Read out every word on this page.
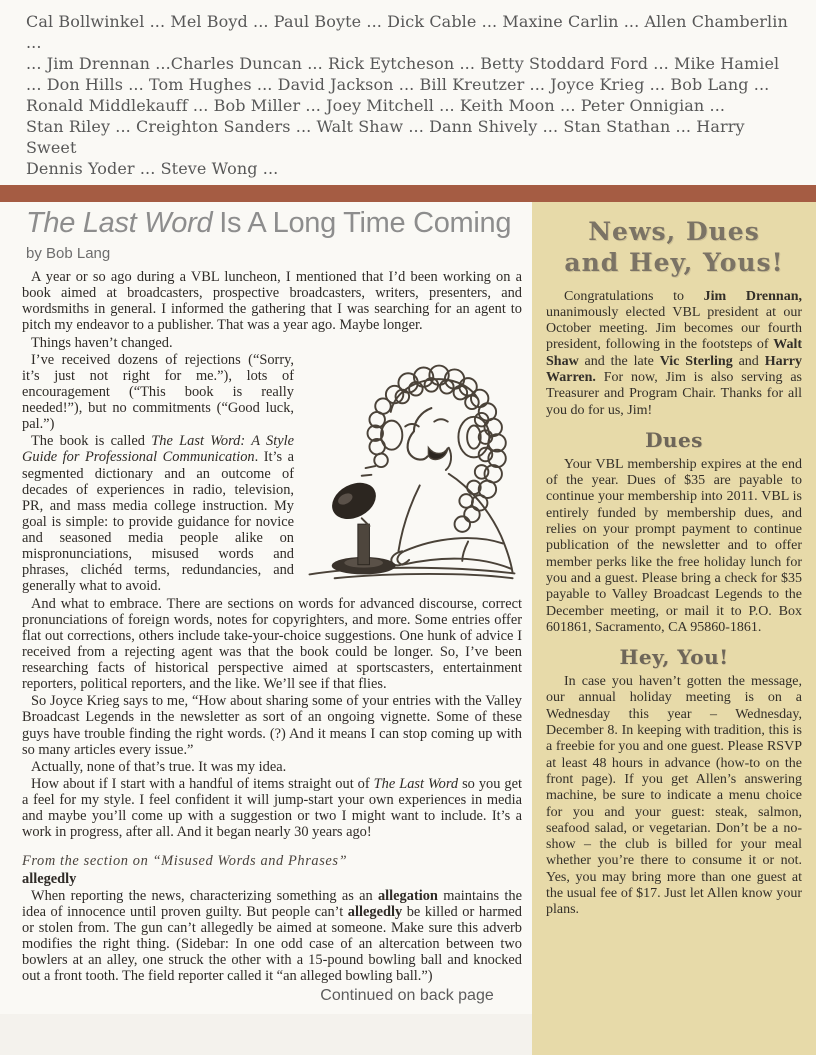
Cal Bollwinkel ... Mel Boyd ... Paul Boyte ... Dick Cable ... Maxine Carlin ... Allen Chamberlin ...
... Jim Drennan ...Charles Duncan ... Rick Eytcheson ... Betty Stoddard Ford ... Mike Hamiel
... Don Hills ... Tom Hughes ... David Jackson ... Bill Kreutzer ... Joyce Krieg ... Bob Lang ...
Ronald Middlekauff ... Bob Miller ... Joey Mitchell ... Keith Moon ... Peter Onnigian ...
Stan Riley ... Creighton Sanders ... Walt Shaw ... Dann Shively ... Stan Stathan ... Harry Sweet
Dennis Yoder ... Steve Wong ...
The Last Word Is A Long Time Coming
by Bob Lang

A year or so ago during a VBL luncheon, I mentioned that I’d been working on a book aimed at broadcasters, prospective broadcasters, writers, presenters, and wordsmiths in general. I informed the gathering that I was searching for an agent to pitch my endeavor to a publisher. That was a year ago. Maybe longer.

Things haven’t changed.

I’ve received dozens of rejections (“Sorry, it’s just not right for me.”), lots of encouragement (“This book is really needed!”), but no commitments (“Good luck, pal.”)

The book is called The Last Word: A Style Guide for Professional Communication. It’s a segmented dictionary and an outcome of decades of experiences in radio, television, PR, and mass media college instruction. My goal is simple: to provide guidance for novice and seasoned media people alike on mispronunciations, misused words and phrases, clichéd terms, redundancies, and generally what to avoid.

And what to embrace. There are sections on words for advanced discourse, correct pronunciations of foreign words, notes for copyrighters, and more. Some entries offer flat out corrections, others include take-your-choice suggestions. One hunk of advice I received from a rejecting agent was that the book could be longer. So, I’ve been researching facts of historical perspective aimed at sportscasters, entertainment reporters, political reporters, and the like. We’ll see if that flies.

So Joyce Krieg says to me, “How about sharing some of your entries with the Valley Broadcast Legends in the newsletter as sort of an ongoing vignette. Some of these guys have trouble finding the right words. (?) And it means I can stop coming up with so many articles every issue.”

Actually, none of that’s true. It was my idea.

How about if I start with a handful of items straight out of The Last Word so you get a feel for my style. I feel confident it will jump-start your own experiences in media and maybe you’ll come up with a suggestion or two I might want to include. It’s a work in progress, after all. And it began nearly 30 years ago!

From the section on “Misused Words and Phrases”

allegedly

When reporting the news, characterizing something as an allegation maintains the idea of innocence until proven guilty. But people can’t allegedly be killed or harmed or stolen from. The gun can’t allegedly be aimed at someone. Make sure this adverb modifies the right thing. (Sidebar: In one odd case of an altercation between two bowlers at an alley, one struck the other with a 15-pound bowling ball and knocked out a front tooth. The field reporter called it “an alleged bowling ball.”)

Continued on back page
News, Dues
and Hey, Yous!

Congratulations to Jim Drennan, unanimously elected VBL president at our October meeting. Jim becomes our fourth president, following in the footsteps of Walt Shaw and the late Vic Sterling and Harry Warren. For now, Jim is also serving as Treasurer and Program Chair. Thanks for all you do for us, Jim!

Dues

Your VBL membership expires at the end of the year. Dues of $35 are payable to continue your membership into 2011. VBL is entirely funded by membership dues, and relies on your prompt payment to continue publication of the newsletter and to offer member perks like the free holiday lunch for you and a guest. Please bring a check for $35 payable to Valley Broadcast Legends to the December meeting, or mail it to P.O. Box 601861, Sacramento, CA 95860-1861.

Hey, You!

In case you haven’t gotten the message, our annual holiday meeting is on a Wednesday this year – Wednesday, December 8. In keeping with tradition, this is a freebie for you and one guest. Please RSVP at least 48 hours in advance (how-to on the front page). If you get Allen’s answering machine, be sure to indicate a menu choice for you and your guest: steak, salmon, seafood salad, or vegetarian. Don’t be a no-show – the club is billed for your meal whether you’re there to consume it or not. Yes, you may bring more than one guest at the usual fee of $17. Just let Allen know your plans.
